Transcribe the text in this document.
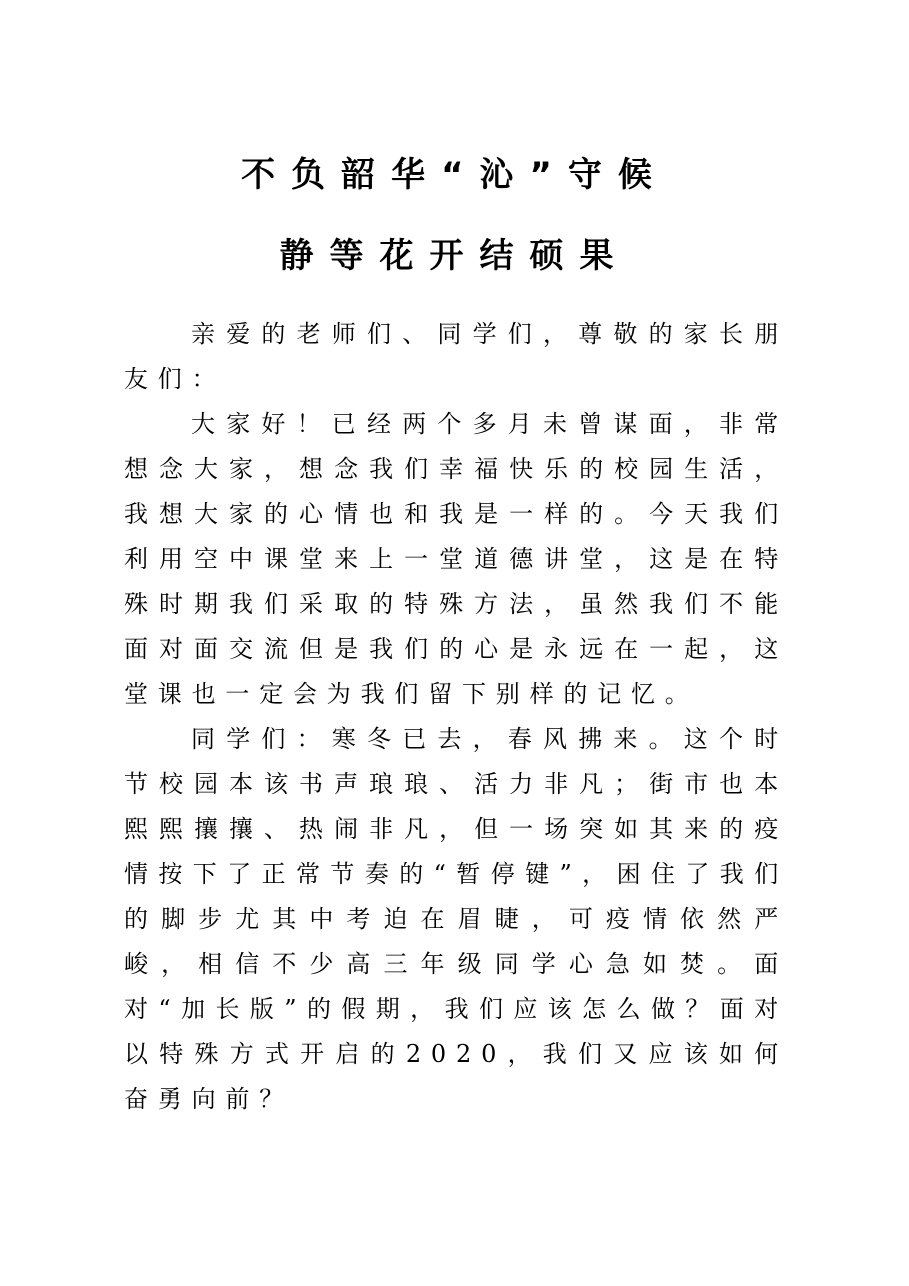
不负韶华“沁”守候
静等花开结硕果

亲爱的老师们、同学们，尊敬的家长朋友们：

大家好！已经两个多月未曾谋面，非常想念大家，想念我们幸福快乐的校园生活，我想大家的心情也和我是一样的。今天我们利用空中课堂来上一堂道德讲堂，这是在特殊时期我们采取的特殊方法，虽然我们不能面对面交流但是我们的心是永远在一起，这堂课也一定会为我们留下别样的记忆。

同学们：寒冬已去，春风拂来。这个时节校园本该书声琅琅、活力非凡；街市也本熙熙攘攘、热闹非凡，但一场突如其来的疫情按下了正常节奏的“暂停键”，困住了我们的脚步尤其中考迫在眉睫，可疫情依然严峻，相信不少高三年级同学心急如焚。面对“加长版”的假期，我们应该怎么做？面对以特殊方式开启的2020，我们又应该如何奋勇向前？
